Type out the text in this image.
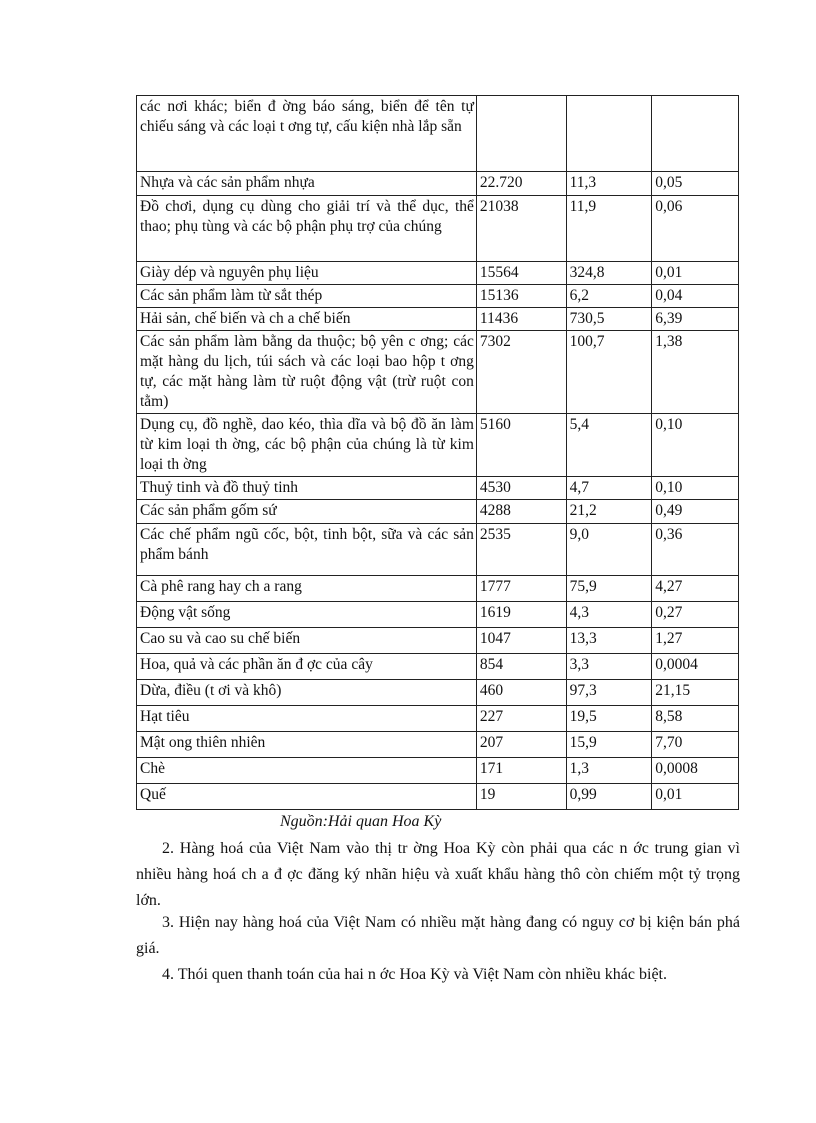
các nơi khác; biển đ ờng báo sáng, biển để tên tự chiếu sáng và các loại t ơng tự, cấu kiện nhà lắp sẵn			
Nhựa và các sản phẩm nhựa	22.720	11,3	0,05
Đồ chơi, dụng cụ dùng cho giải trí và thể dục, thể thao; phụ tùng và các bộ phận phụ trợ của chúng	21038	11,9	0,06
Giày dép và nguyên phụ liệu	15564	324,8	0,01
Các sản phẩm làm từ sắt thép	15136	6,2	0,04
Hải sản, chế biến và ch a chế biến	11436	730,5	6,39
Các sản phẩm làm bằng da thuộc; bộ yên c ơng; các mặt hàng du lịch, túi sách và các loại bao hộp t ơng tự, các mặt hàng làm từ ruột động vật (trừ ruột con tằm)	7302	100,7	1,38
Dụng cụ, đồ nghề, dao kéo, thìa dĩa và bộ đồ ăn làm từ kim loại th ờng, các bộ phận của chúng là từ kim loại th ờng	5160	5,4	0,10
Thuỷ tinh và đồ thuỷ tinh	4530	4,7	0,10
Các sản phẩm gốm sứ	4288	21,2	0,49
Các chế phẩm ngũ cốc, bột, tinh bột, sữa và các sản phẩm bánh	2535	9,0	0,36
Cà phê rang hay ch a rang	1777	75,9	4,27
Động vật sống	1619	4,3	0,27
Cao su và cao su chế biến	1047	13,3	1,27
Hoa, quả và các phần ăn đ ợc của cây	854	3,3	0,0004
Dừa, điều (t ơi và khô)	460	97,3	21,15
Hạt tiêu	227	19,5	8,58
Mật ong thiên nhiên	207	15,9	7,70
Chè	171	1,3	0,0008
Quế	19	0,99	0,01
Nguồn:Hải quan Hoa Kỳ

2. Hàng hoá của Việt Nam vào thị tr ờng Hoa Kỳ còn phải qua các n ớc trung gian vì nhiều hàng hoá ch a đ ợc đăng ký nhãn hiệu và xuất khẩu hàng thô còn chiếm một tỷ trọng lớn.

3. Hiện nay hàng hoá của Việt Nam có nhiều mặt hàng đang có nguy cơ bị kiện bán phá giá.

4. Thói quen thanh toán của hai n ớc Hoa Kỳ và Việt Nam còn nhiều khác biệt.
